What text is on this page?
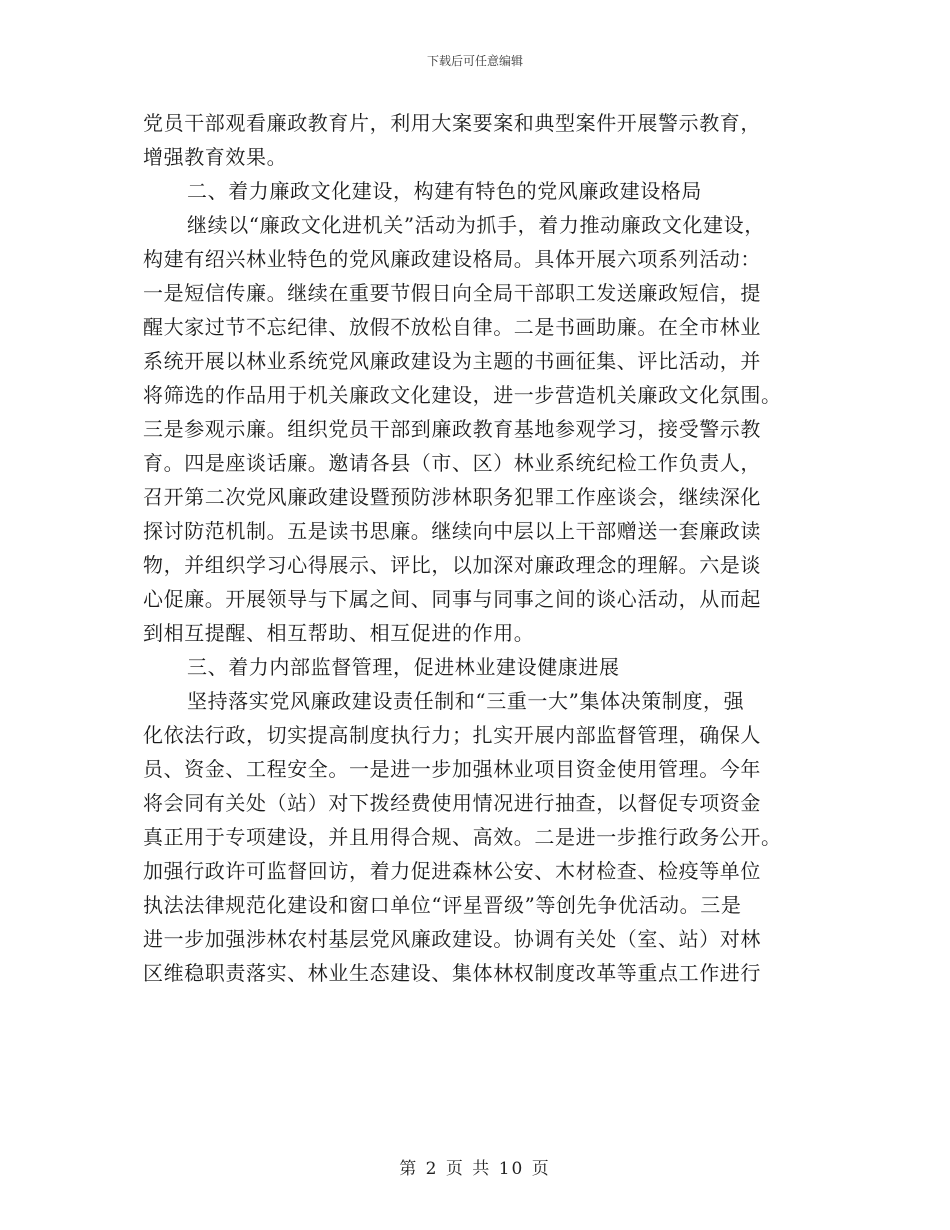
下载后可任意编辑
党员干部观看廉政教育片，利用大案要案和典型案件开展警示教育，
增强教育效果。
二、着力廉政文化建设，构建有特色的党风廉政建设格局
继续以“廉政文化进机关”活动为抓手，着力推动廉政文化建设，
构建有绍兴林业特色的党风廉政建设格局。具体开展六项系列活动：
一是短信传廉。继续在重要节假日向全局干部职工发送廉政短信，提
醒大家过节不忘纪律、放假不放松自律。二是书画助廉。在全市林业
系统开展以林业系统党风廉政建设为主题的书画征集、评比活动，并
将筛选的作品用于机关廉政文化建设，进一步营造机关廉政文化氛围。
三是参观示廉。组织党员干部到廉政教育基地参观学习，接受警示教
育。四是座谈话廉。邀请各县（市、区）林业系统纪检工作负责人，
召开第二次党风廉政建设暨预防涉林职务犯罪工作座谈会，继续深化
探讨防范机制。五是读书思廉。继续向中层以上干部赠送一套廉政读
物，并组织学习心得展示、评比，以加深对廉政理念的理解。六是谈
心促廉。开展领导与下属之间、同事与同事之间的谈心活动，从而起
到相互提醒、相互帮助、相互促进的作用。
三、着力内部监督管理，促进林业建设健康进展
坚持落实党风廉政建设责任制和“三重一大”集体决策制度，强
化依法行政，切实提高制度执行力；扎实开展内部监督管理，确保人
员、资金、工程安全。一是进一步加强林业项目资金使用管理。今年
将会同有关处（站）对下拨经费使用情况进行抽查，以督促专项资金
真正用于专项建设，并且用得合规、高效。二是进一步推行政务公开。
加强行政许可监督回访，着力促进森林公安、木材检查、检疫等单位
执法法律规范化建设和窗口单位“评星晋级”等创先争优活动。三是
进一步加强涉林农村基层党风廉政建设。协调有关处（室、站）对林
区维稳职责落实、林业生态建设、集体林权制度改革等重点工作进行
第 2 页 共 10 页
